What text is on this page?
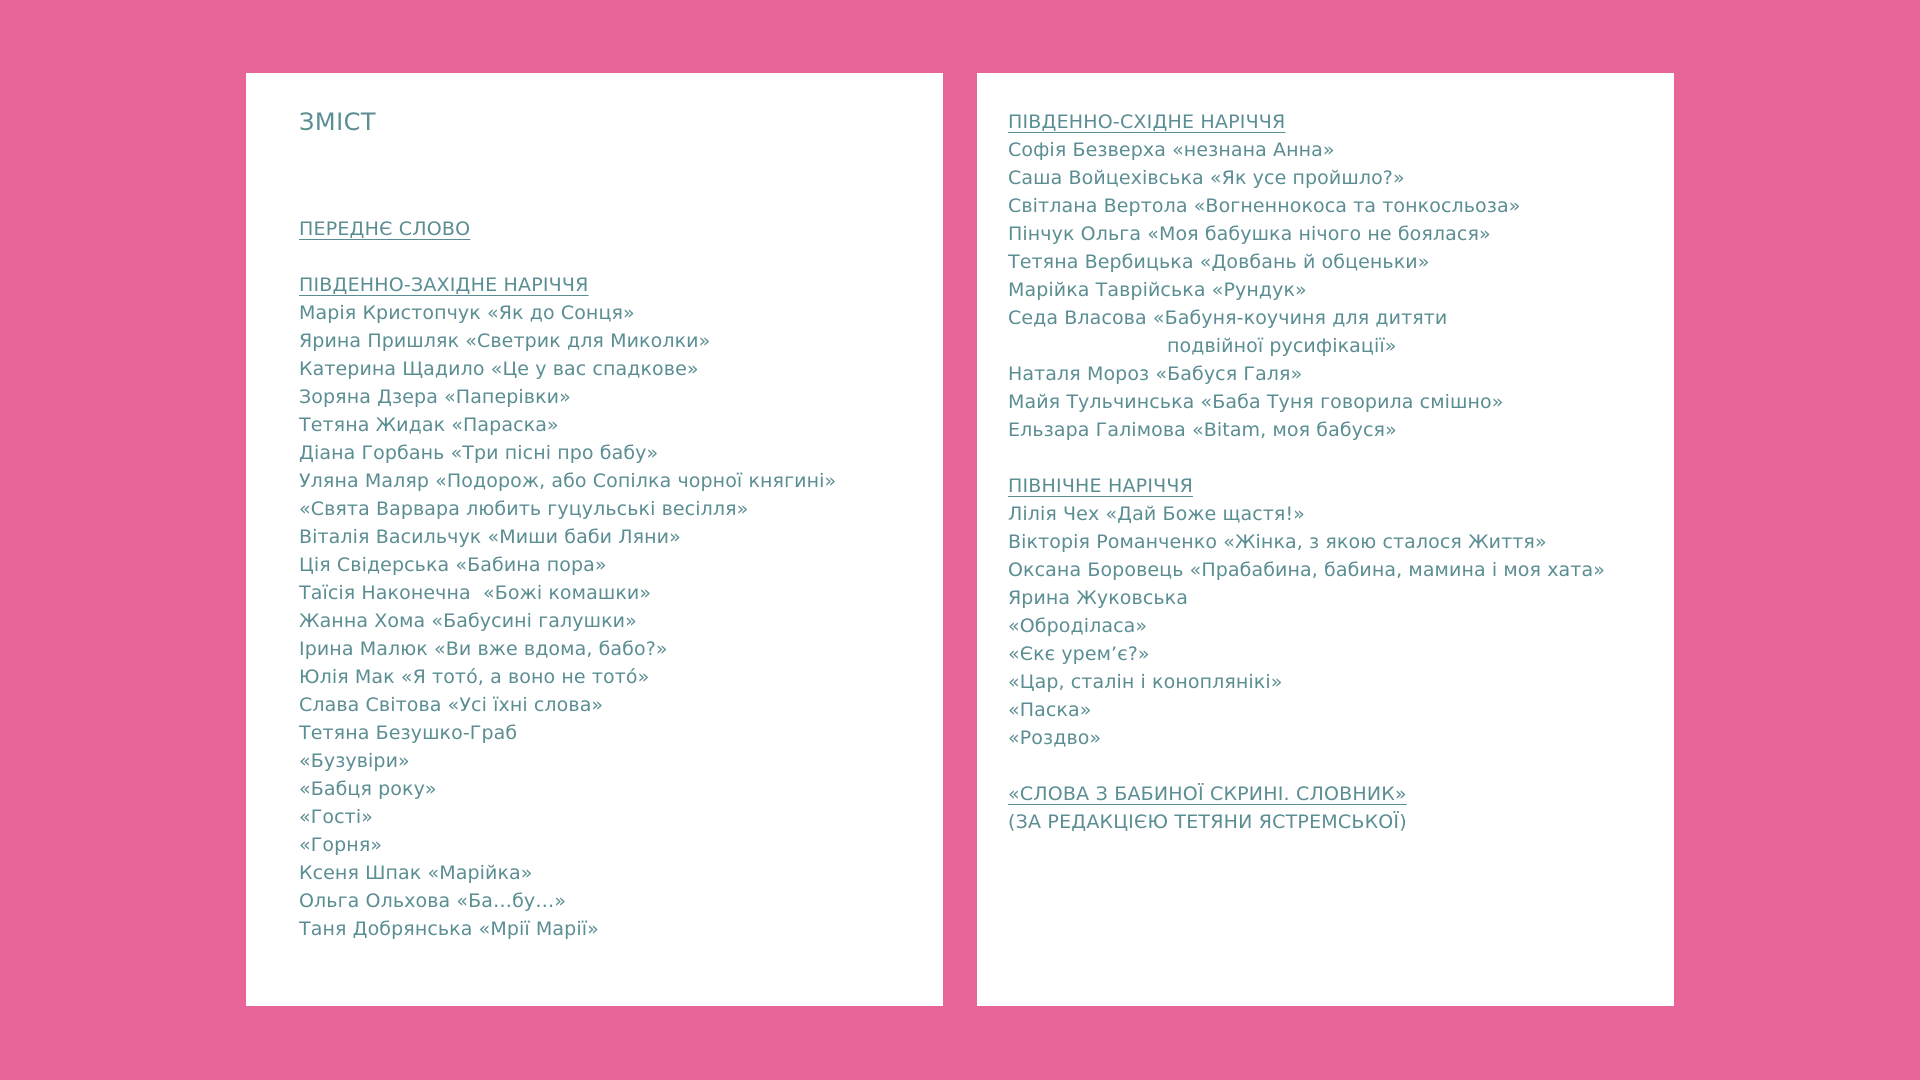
ЗМІСТ
ПЕРЕДНЄ СЛОВО
ПІВДЕННО-ЗАХІДНЕ НАРІЧЧЯ
Марія Кристопчук «Як до Сонця»
Ярина Пришляк «Светрик для Миколки»
Катерина Щадило «Це у вас спадкове»
Зоряна Дзера «Паперівки»
Тетяна Жидак «Параска»
Діана Горбань «Три пісні про бабу»
Уляна Маляр «Подорож, або Сопілка чорної княгині»
«Свята Варвара любить гуцульські весілля»
Віталія Васильчук «Миши баби Ляни»
Ція Свідерська «Бабина пора»
Таїсія Наконечна  «Божі комашки»
Жанна Хома «Бабусині галушки»
Ірина Малюк «Ви вже вдома, бабо?»
Юлія Мак «Я тото́, а воно не тото́»
Слава Світова «Усі їхні слова»
Тетяна Безушко-Граб
«Бузувіри»
«Бабця року»
«Гості»
«Горня»
Ксеня Шпак «Марійка»
Ольга Ольхова «Ба…бу…»
Таня Добрянська «Мрії Марії»
ПІВДЕННО-СХІДНЕ НАРІЧЧЯ
Софія Безверха «незнана Анна»
Саша Войцехівська «Як усе пройшло?»
Світлана Вертола «Вогненнокоса та тонкосльоза»
Пінчук Ольга «Моя бабушка нічого не боялася»
Тетяна Вербицька «Довбань й обценьки»
Марійка Таврійська «Рундук»
Седа Власова «Бабуня-коучиня для дитяти
подвійної русифікації»
Наталя Мороз «Бабуся Галя»
Майя Тульчинська «Баба Туня говорила смішно»
Ельзара Галімова «Bitam, моя бабуся»
ПІВНІЧНЕ НАРІЧЧЯ
Лілія Чех «Дай Боже щастя!»
Вікторія Романченко «Жінка, з якою сталося Життя»
Оксана Боровець «Прабабина, бабина, мамина і моя хата»
Ярина Жуковська
«Оброділаса»
«Єкє урем’є?»
«Цар, сталін і коноплянікі»
«Паска»
«Роздво»
«СЛОВА З БАБИНОЇ СКРИНІ. СЛОВНИК»
(ЗА РЕДАКЦІЄЮ ТЕТЯНИ ЯСТРЕМСЬКОЇ)
